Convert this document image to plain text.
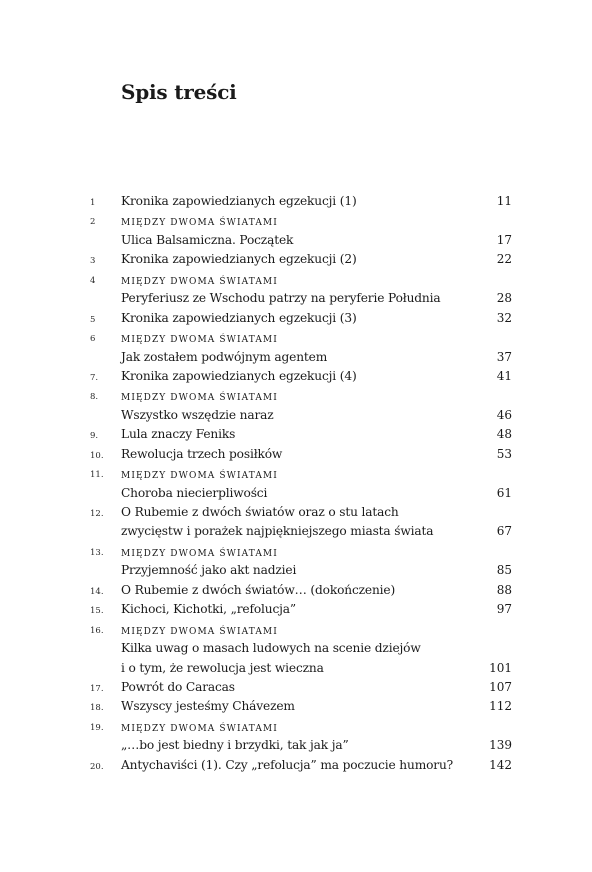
Spis treści
1 Kronika zapowiedzianych egzekucji (1)	11
2	MIĘDZY DWOMA ŚWIATAMI
Ulica Balsamiczna. Początek	17
3 Kronika zapowiedzianych egzekucji (2)	22
4	MIĘDZY DWOMA ŚWIATAMI
Peryferiusz ze Wschodu patrzy na peryferie Południa	28
5 Kronika zapowiedzianych egzekucji (3)	32
6	MIĘDZY DWOMA ŚWIATAMI
Jak zostałem podwójnym agentem	37
7. Kronika zapowiedzianych egzekucji (4)	41
8.	MIĘDZY DWOMA ŚWIATAMI
Wszystko wszędzie naraz	46
9. Lula znaczy Feniks	48
10. Rewolucja trzech posiłków	53
11. MIĘDZY DWOMA ŚWIATAMI
Choroba niecierpliwości	61
12. O Rubemie z dwóch światów oraz o stu latach
zwycięstw i porażek najpiękniejszego miasta świata	67
13. MIĘDZY DWOMA ŚWIATAMI
Przyjemność jako akt nadziei	85
14. O Rubemie z dwóch światów… (dokończenie)	88
15. Kichoci, Kichotki, „refolucja”	97
16. MIĘDZY DWOMA ŚWIATAMI
Kilka uwag o masach ludowych na scenie dziejów
i o tym, że rewolucja jest wieczna	101
17. Powrót do Caracas	107
18. Wszyscy jesteśmy Chávezem	112
19. MIĘDZY DWOMA ŚWIATAMI
„…bo jest biedny i brzydki, tak jak ja”	139
20. Antychaviści (1). Czy „refolucja” ma poczucie humoru?	142
